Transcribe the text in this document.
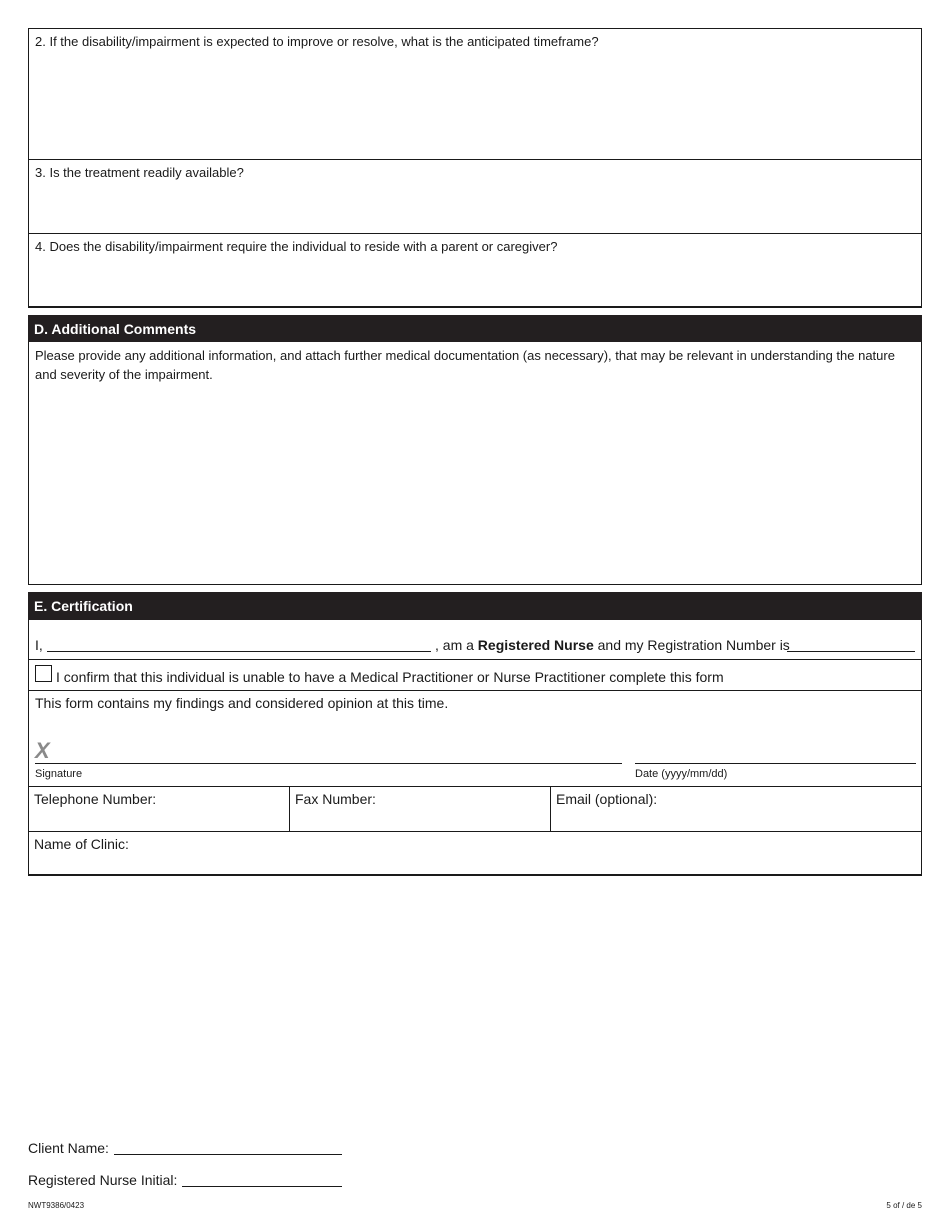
2. If the disability/impairment is expected to improve or resolve, what is the anticipated timeframe?
3. Is the treatment readily available?
4. Does the disability/impairment require the individual to reside with a parent or caregiver?
D. Additional Comments
Please provide any additional information, and attach further medical documentation (as necessary), that may be relevant in understanding the nature and severity of the impairment.
E. Certification
I,	, am a Registered Nurse and my Registration Number is
I confirm that this individual is unable to have a Medical Practitioner or Nurse Practitioner complete this form
This form contains my findings and considered opinion at this time.
X
Signature	Date (yyyy/mm/dd)
Telephone Number:	Fax Number:	Email (optional):
Name of Clinic:
Client Name:
Registered Nurse Initial:
NWT9386/0423	5 of / de 5
